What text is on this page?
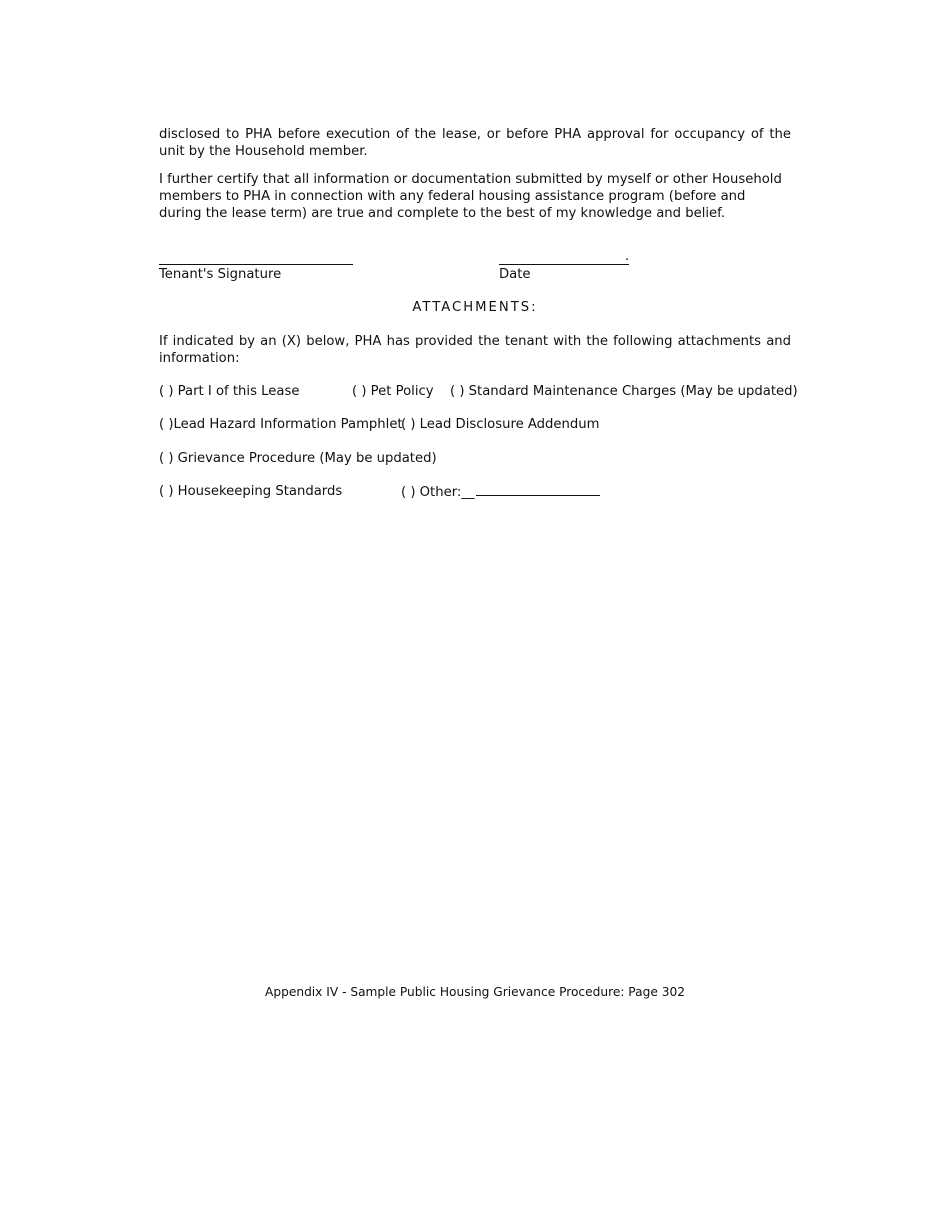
disclosed to PHA before execution of the lease, or before PHA approval for occupancy of the unit by the Household member.

I further certify that all information or documentation submitted by myself or other Household members to PHA in connection with any federal housing assistance program (before and during the lease term) are true and complete to the best of my knowledge and belief.

.
Tenant's Signature	Date
ATTACHMENTS:

If indicated by an (X) below, PHA has provided the tenant with the following attachments and information:

( ) Part I of this Lease	( ) Pet Policy ( ) Standard Maintenance Charges (May be updated)
( )Lead Hazard Information Pamphlet
( ) Lead Disclosure Addendum
( ) Grievance Procedure (May be updated)
( ) Housekeeping Standards	( ) Other:__
Appendix IV - Sample Public Housing Grievance Procedure: Page 302
